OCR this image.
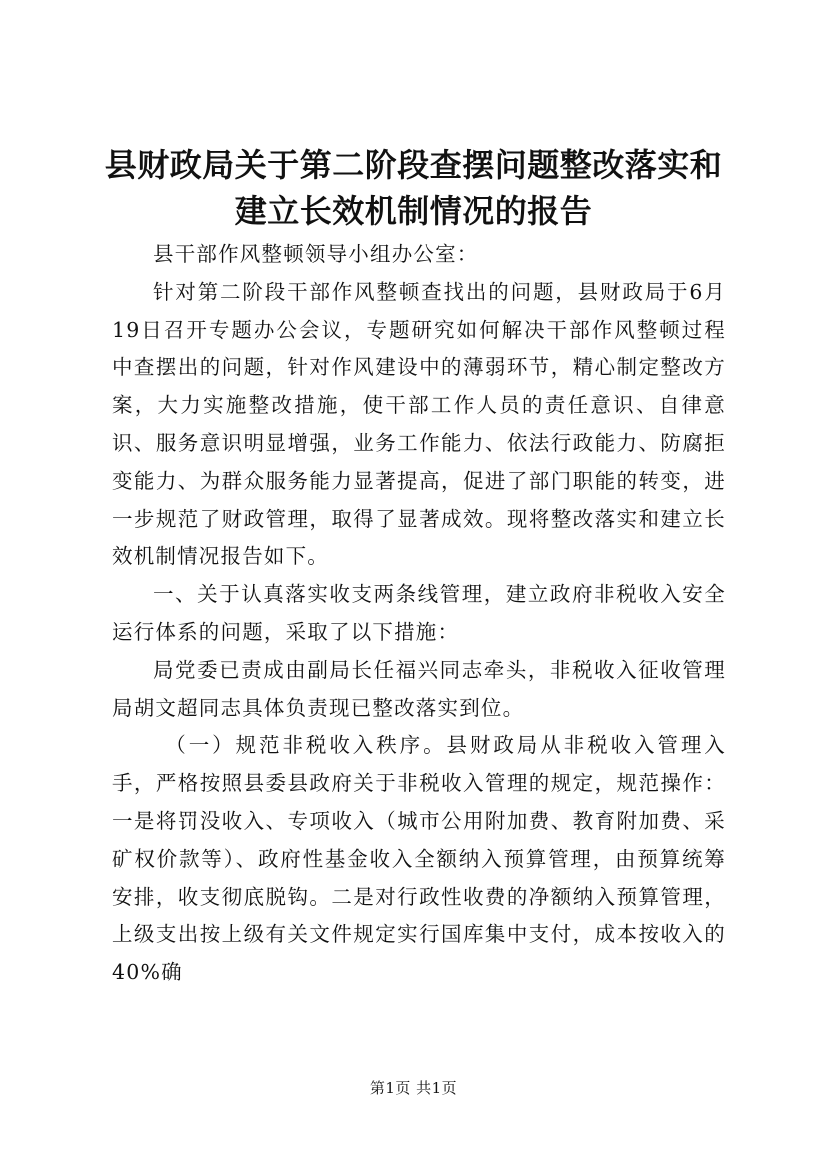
县财政局关于第二阶段查摆问题整改落实和建立长效机制情况的报告

县干部作风整顿领导小组办公室：

针对第二阶段干部作风整顿查找出的问题，县财政局于6月19日召开专题办公会议，专题研究如何解决干部作风整顿过程中查摆出的问题，针对作风建设中的薄弱环节，精心制定整改方案，大力实施整改措施，使干部工作人员的责任意识、自律意识、服务意识明显增强，业务工作能力、依法行政能力、防腐拒变能力、为群众服务能力显著提高，促进了部门职能的转变，进一步规范了财政管理，取得了显著成效。现将整改落实和建立长效机制情况报告如下。

一、关于认真落实收支两条线管理，建立政府非税收入安全运行体系的问题，采取了以下措施：

局党委已责成由副局长任福兴同志牵头，非税收入征收管理局胡文超同志具体负责现已整改落实到位。

（一）规范非税收入秩序。县财政局从非税收入管理入手，严格按照县委县政府关于非税收入管理的规定，规范操作：一是将罚没收入、专项收入（城市公用附加费、教育附加费、采矿权价款等）、政府性基金收入全额纳入预算管理，由预算统筹安排，收支彻底脱钩。二是对行政性收费的净额纳入预算管理，上级支出按上级有关文件规定实行国库集中支付，成本按收入的40%确

第1页 共1页
